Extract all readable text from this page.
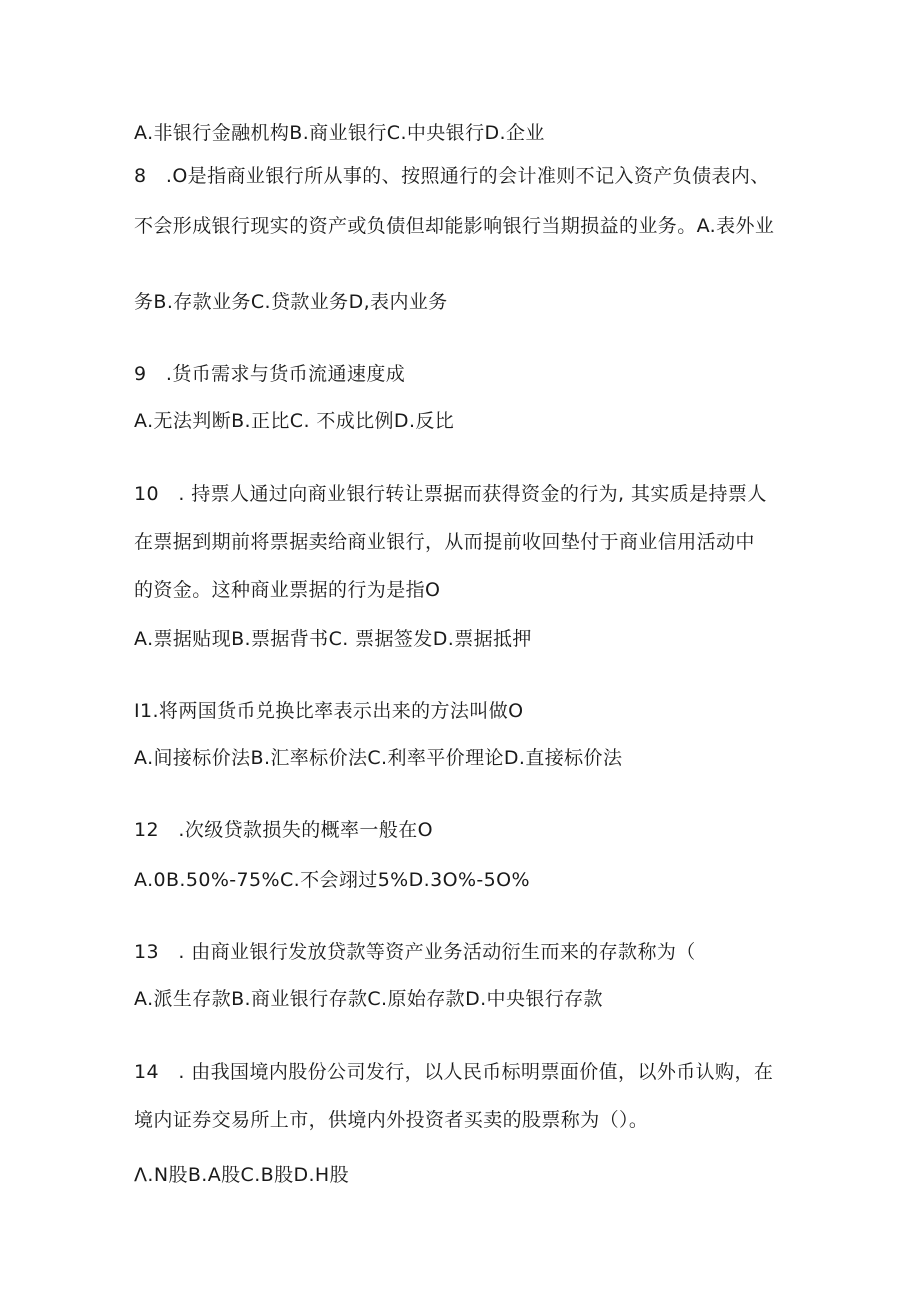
A.非银行金融机构B.商业银行C.中央银行D.企业
8　.O是指商业银行所从事的、按照通行的会计准则不记入资产负债表内、
不会形成银行现实的资产或负债但却能影响银行当期损益的业务。A.表外业
务B.存款业务C.贷款业务D,表内业务
9　.货币需求与货币流通速度成
A.无法判断B.正比C. 不成比例D.反比
10　. 持票人通过向商业银行转让票据而获得资金的行为, 其实质是持票人
在票据到期前将票据卖给商业银行，从而提前收回垫付于商业信用活动中
的资金。这种商业票据的行为是指O
A.票据贴现B.票据背书C. 票据签发D.票据抵押
I1.将两国货币兑换比率表示出来的方法叫做O
A.间接标价法B.汇率标价法C.利率平价理论D.直接标价法
12　.次级贷款损失的概率一般在O
A.0B.50%-75%C.不会翊过5%D.3O%-5O%
13　. 由商业银行发放贷款等资产业务活动衍生而来的存款称为（
A.派生存款B.商业银行存款C.原始存款D.中央银行存款
14　. 由我国境内股份公司发行，以人民币标明票面价值，以外币认购，在
境内证券交易所上市，供境内外投资者买卖的股票称为（）。
Λ.N股B.A股C.B股D.H股
